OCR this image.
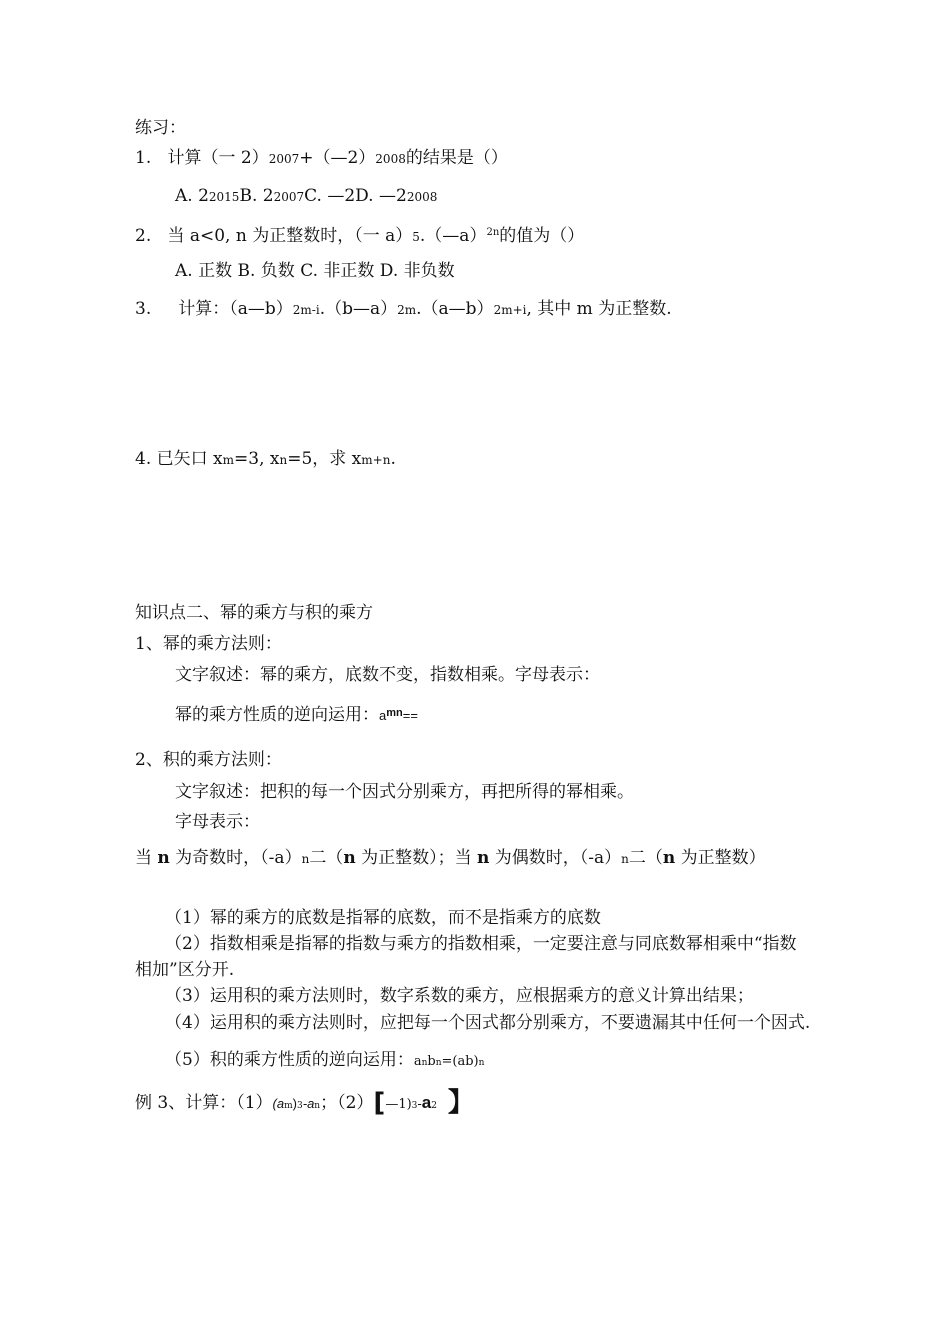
练习：
1. 计算（一 2）2007+（—2）2008的结果是（）
A. 22015B. 22007C. —2D. —22008
2. 当 a<0, n 为正整数时，（一 a）5.（—a）$^{2n}$的值为（）
A. 正数 B. 负数 C. 非正数 D. 非负数
3. 计算：（a—b）2m-i.（b—a）2m.（a—b）2m+i, 其中 m 为正整数.
4. 已矢口 xm=3, xn=5，求 xm+n.
知识点二、幂的乘方与积的乘方
1、幂的乘方法则：
文字叙述：幂的乘方，底数不变，指数相乘。字母表示：
幂的乘方性质的逆向运用：$a^{mn}==$
2、积的乘方法则：
文字叙述：把积的每一个因式分别乘方，再把所得的幂相乘。
字母表示：
当 n 为奇数时，（-a）n二（n 为正整数）；当 n 为偶数时，（-a）n二（n 为正整数）
（1）幂的乘方的底数是指幂的底数，而不是指乘方的底数
（2）指数相乘是指幂的指数与乘方的指数相乘，一定要注意与同底数幂相乘中“指数
相加”区分开.
（3）运用积的乘方法则时，数字系数的乘方，应根据乘方的意义计算出结果；
（4）运用积的乘方法则时，应把每一个因式都分别乘方，不要遗漏其中任何一个因式.
（5）积的乘方性质的逆向运用：anbn=(ab)n
例 3、计算：（1）(am)3-an；（2）[—1)3-a2 】
